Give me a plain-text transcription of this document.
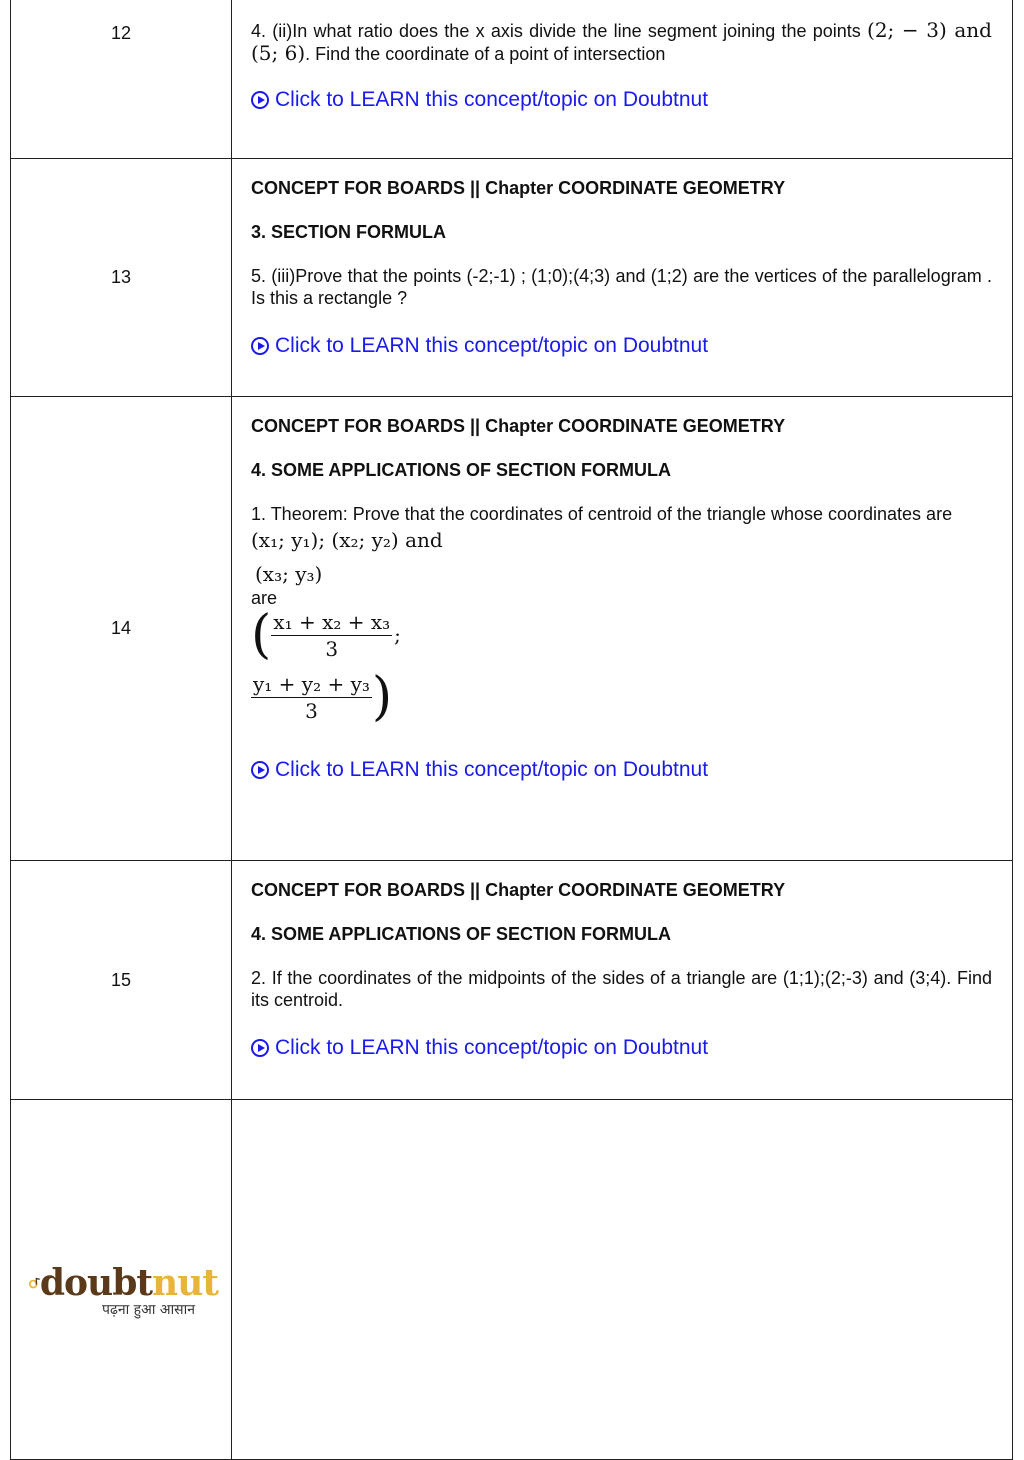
12	4. (ii)In what ratio does the x axis divide the line segment joining the points (2; − 3) and (5; 6). Find the coordinate of a point of intersection

Click to LEARN this concept/topic on Doubtnut
13

CONCEPT FOR BOARDS || Chapter COORDINATE GEOMETRY

3. SECTION FORMULA

5. (iii)Prove that the points (-2;-1) ; (1;0);(4;3) and (1;2) are the vertices of the parallelogram . Is this a rectangle ?

Click to LEARN this concept/topic on Doubtnut
14

CONCEPT FOR BOARDS || Chapter COORDINATE GEOMETRY

4. SOME APPLICATIONS OF SECTION FORMULA

1. Theorem: Prove that the coordinates of centroid of the triangle whose coordinates are

(x₁; y₁); (x₂; y₂) and
(x₃; y₃)
are
( $\frac{\text{x₁ + x₂ + x₃}}{3}$ ;
$\frac{\text{y₁ + y₂ + y₃}}{3}$ )
Click to LEARN this concept/topic on Doubtnut
15

CONCEPT FOR BOARDS || Chapter COORDINATE GEOMETRY

4. SOME APPLICATIONS OF SECTION FORMULA

2. If the coordinates of the midpoints of the sides of a triangle are (1;1);(2;-3) and (3;4). Find its centroid.

Click to LEARN this concept/topic on Doubtnut
doubtnut
पढ़ना हुआ आसान
